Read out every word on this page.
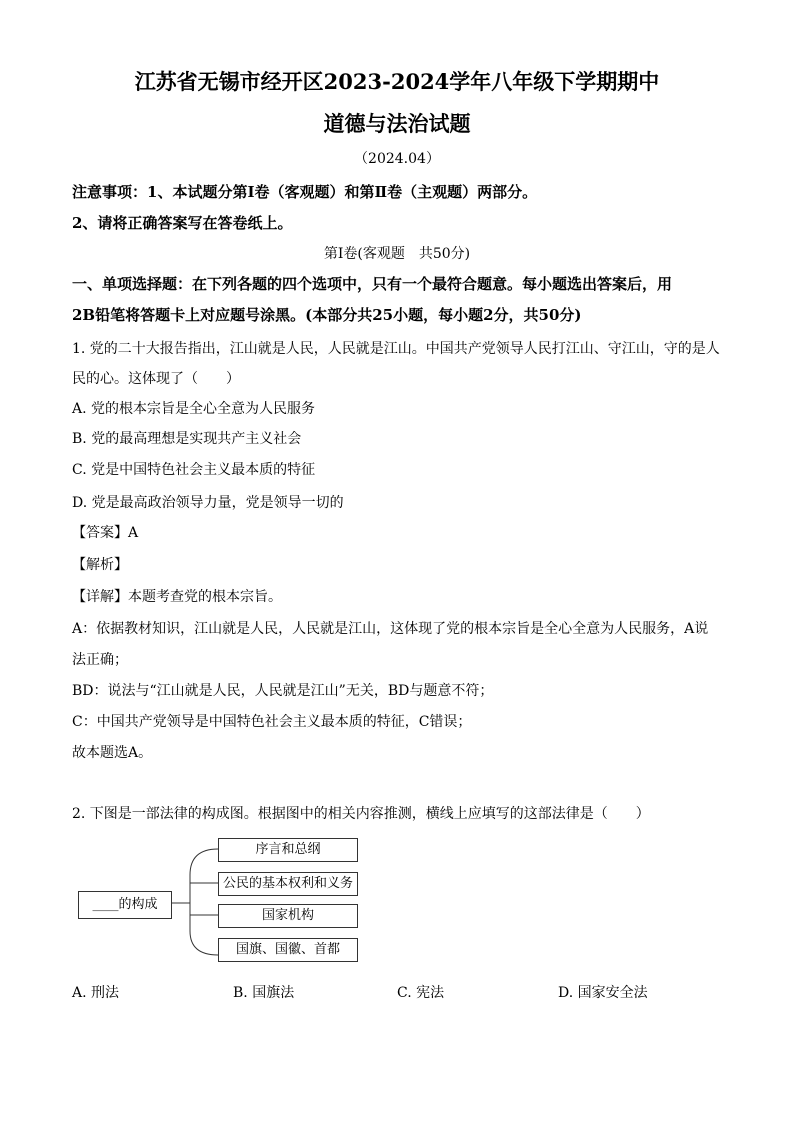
江苏省无锡市经开区2023-2024学年八年级下学期期中
道德与法治试题
（2024.04）
注意事项：1、本试题分第Ⅰ卷（客观题）和第Ⅱ卷（主观题）两部分。
2、请将正确答案写在答卷纸上。
第Ⅰ卷(客观题　共50分)
一、单项选择题：在下列各题的四个选项中，只有一个最符合题意。每小题选出答案后，用
2B铅笔将答题卡上对应题号涂黑。(本部分共25小题，每小题2分，共50分)
1. 党的二十大报告指出，江山就是人民，人民就是江山。中国共产党领导人民打江山、守江山，守的是人
民的心。这体现了（　　）
A. 党的根本宗旨是全心全意为人民服务
B. 党的最高理想是实现共产主义社会
C. 党是中国特色社会主义最本质的特征
D. 党是最高政治领导力量，党是领导一切的
【答案】A
【解析】
【详解】本题考查党的根本宗旨。
A：依据教材知识，江山就是人民，人民就是江山，这体现了党的根本宗旨是全心全意为人民服务，A说
法正确；
BD：说法与“江山就是人民，人民就是江山”无关，BD与题意不符；
C：中国共产党领导是中国特色社会主义最本质的特征，C错误；
故本题选A。
2. 下图是一部法律的构成图。根据图中的相关内容推测，横线上应填写的这部法律是（　　）
____的构成
序言和总纲
公民的基本权利和义务
国家机构
国旗、国徽、首都
A. 刑法	B. 国旗法	C. 宪法	D. 国家安全法
